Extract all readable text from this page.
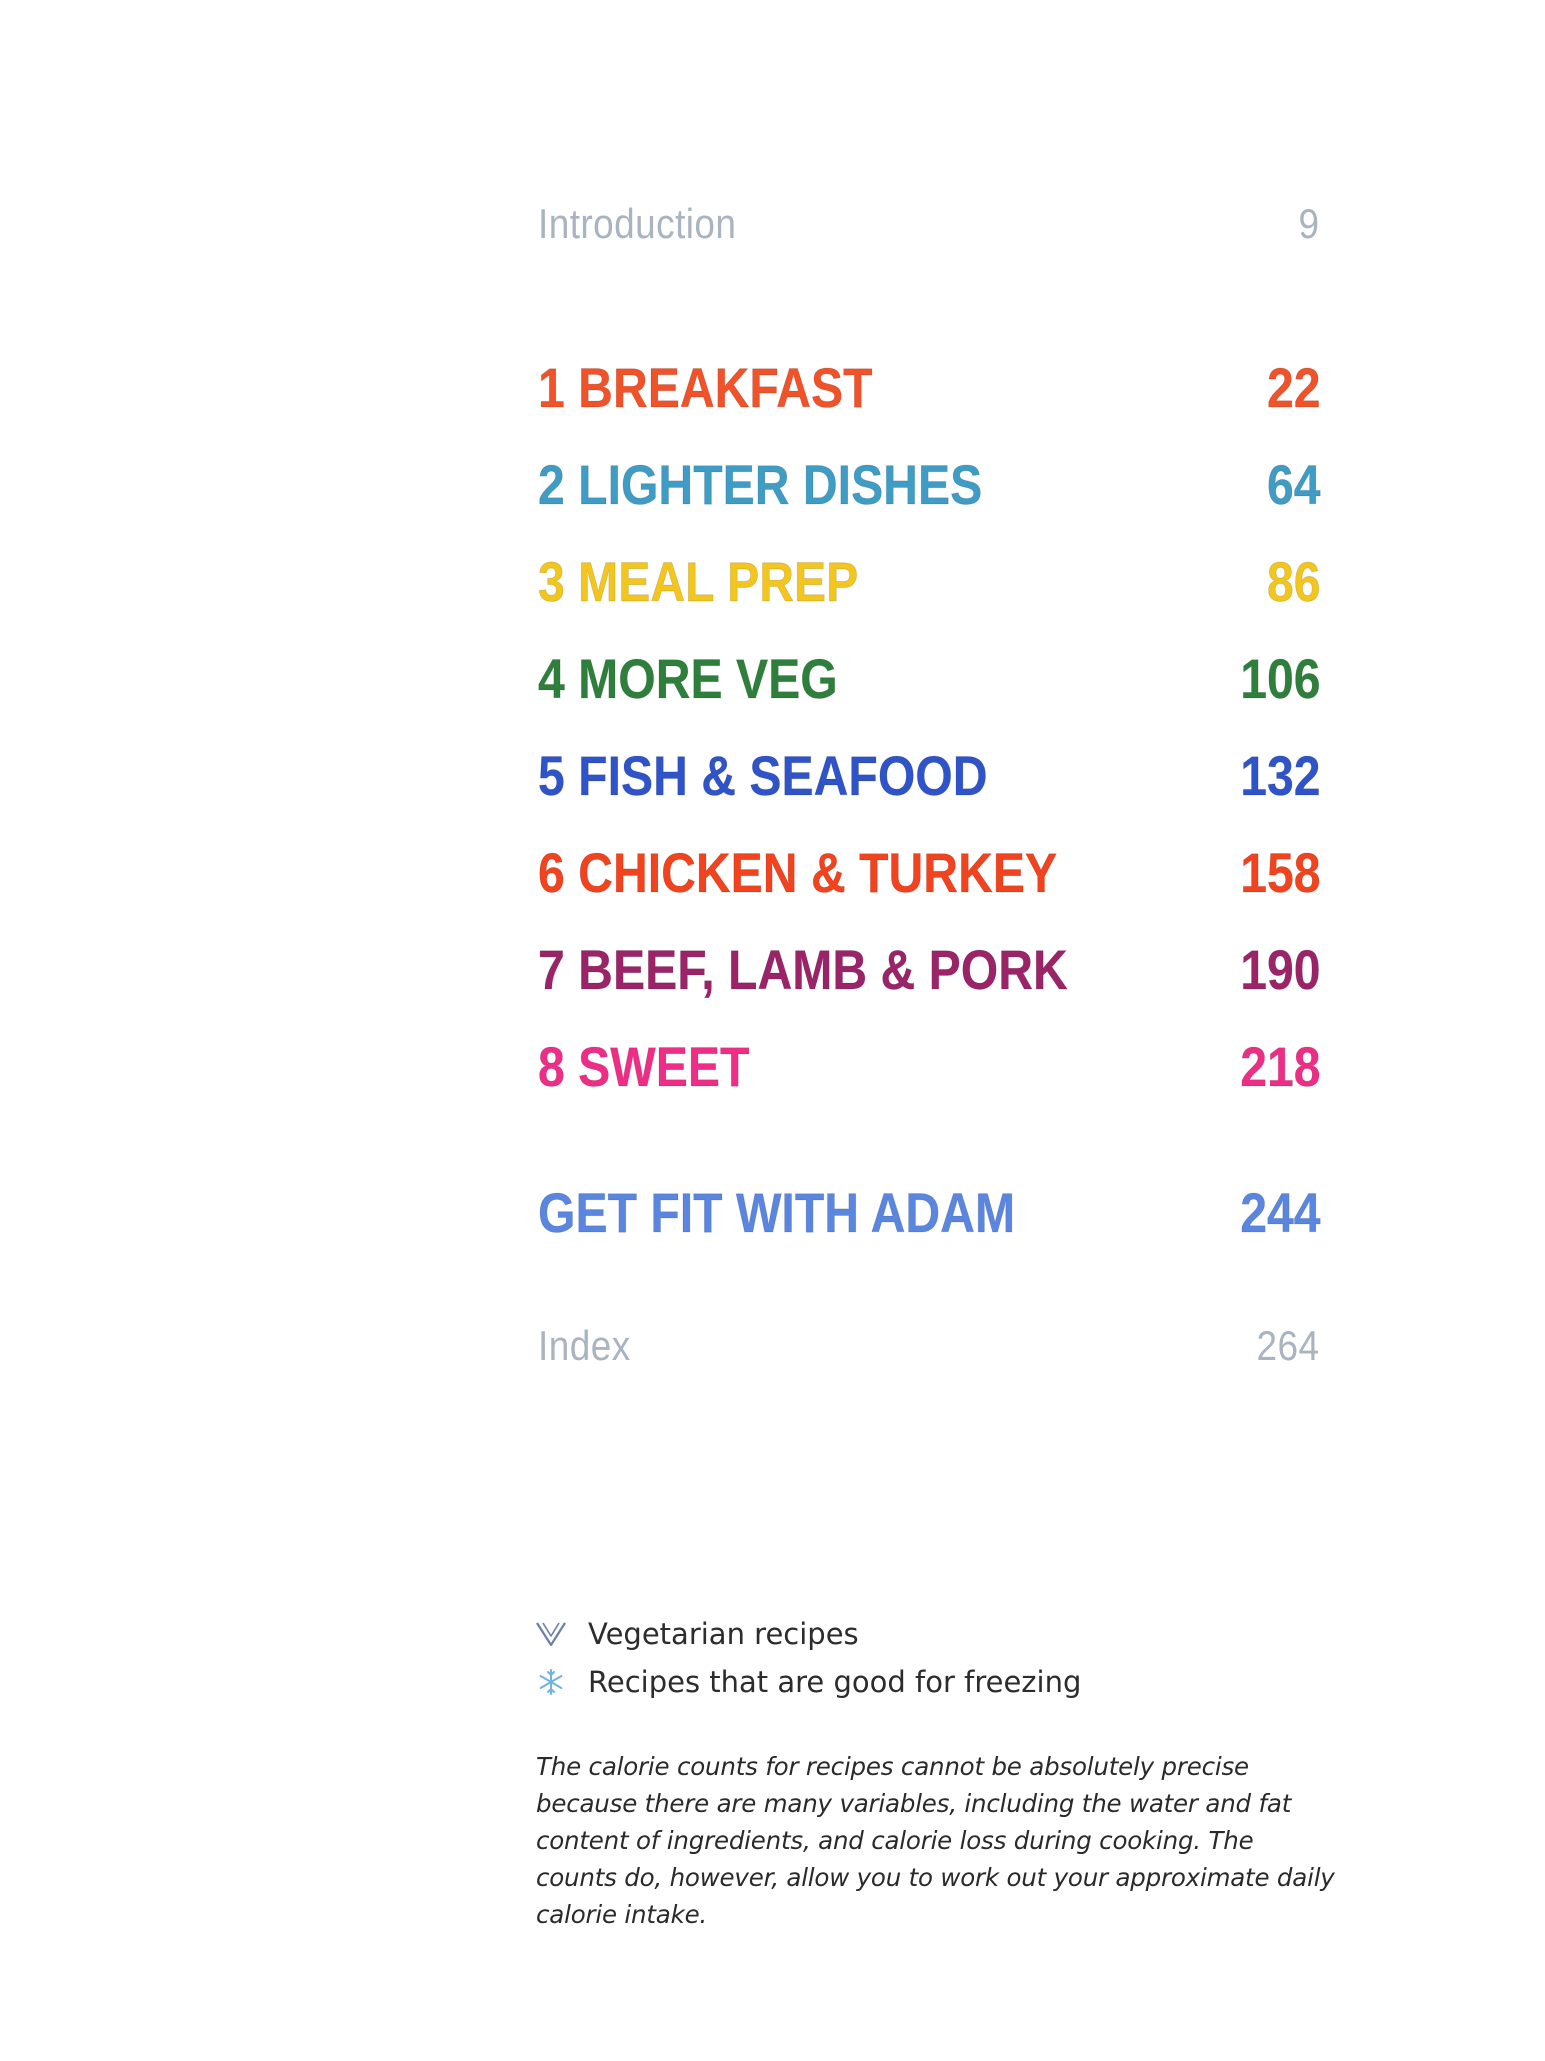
Introduction	9
1 BREAKFAST	22
2 LIGHTER DISHES	64
3 MEAL PREP	86
4 MORE VEG	106
5 FISH & SEAFOOD	132
6 CHICKEN & TURKEY	158
7 BEEF, LAMB & PORK	190
8 SWEET	218
GET FIT WITH ADAM	244
Index	264
Vegetarian recipes
Recipes that are good for freezing
The calorie counts for recipes cannot be absolutely precise because there are many variables, including the water and fat content of ingredients, and calorie loss during cooking. The counts do, however, allow you to work out your approximate daily calorie intake.
